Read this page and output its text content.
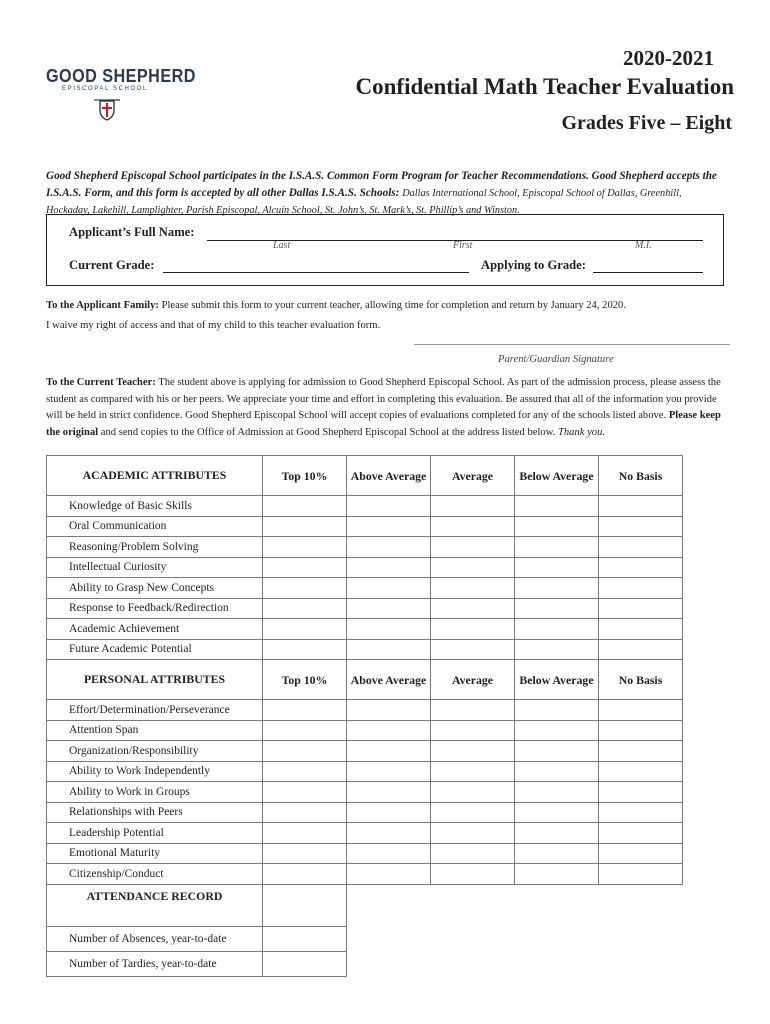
GOOD SHEPHERD
EPISCOPAL SCHOOL
2020-2021
Confidential Math Teacher Evaluation
Grades Five – Eight
Good Shepherd Episcopal School participates in the I.S.A.S. Common Form Program for Teacher Recommendations. Good Shepherd accepts the I.S.A.S. Form, and this form is accepted by all other Dallas I.S.A.S. Schools: Dallas International School, Episcopal School of Dallas, Greenhill, Hockaday, Lakehill, Lamplighter, Parish Episcopal, Alcuin School, St. John’s, St. Mark’s, St. Phillip’s and Winston.
Applicant’s Full Name:
Last	First	M.I.
Current Grade:	Applying to Grade:
To the Applicant Family: Please submit this form to your current teacher, allowing time for completion and return by January 24, 2020.
I waive my right of access and that of my child to this teacher evaluation form.
Parent/Guardian Signature
To the Current Teacher: The student above is applying for admission to Good Shepherd Episcopal School. As part of the admission process, please assess the student as compared with his or her peers. We appreciate your time and effort in completing this evaluation. Be assured that all of the information you provide will be held in strict confidence. Good Shepherd Episcopal School will accept copies of evaluations completed for any of the schools listed above. Please keep the original and send copies to the Office of Admission at Good Shepherd Episcopal School at the address listed below. Thank you.
ACADEMIC ATTRIBUTES	Top 10%	Above Average	Average	Below Average	No Basis
Knowledge of Basic Skills					
Oral Communication					
Reasoning/Problem Solving					
Intellectual Curiosity					
Ability to Grasp New Concepts					
Response to Feedback/Redirection					
Academic Achievement					
Future Academic Potential					
PERSONAL ATTRIBUTES	Top 10%	Above Average	Average	Below Average	No Basis
Effort/Determination/Perseverance					
Attention Span					
Organization/Responsibility					
Ability to Work Independently					
Ability to Work in Groups					
Relationships with Peers					
Leadership Potential					
Emotional Maturity					
Citizenship/Conduct					
ATTENDANCE RECORD					
Number of Absences, year-to-date					
Number of Tardies, year-to-date					
